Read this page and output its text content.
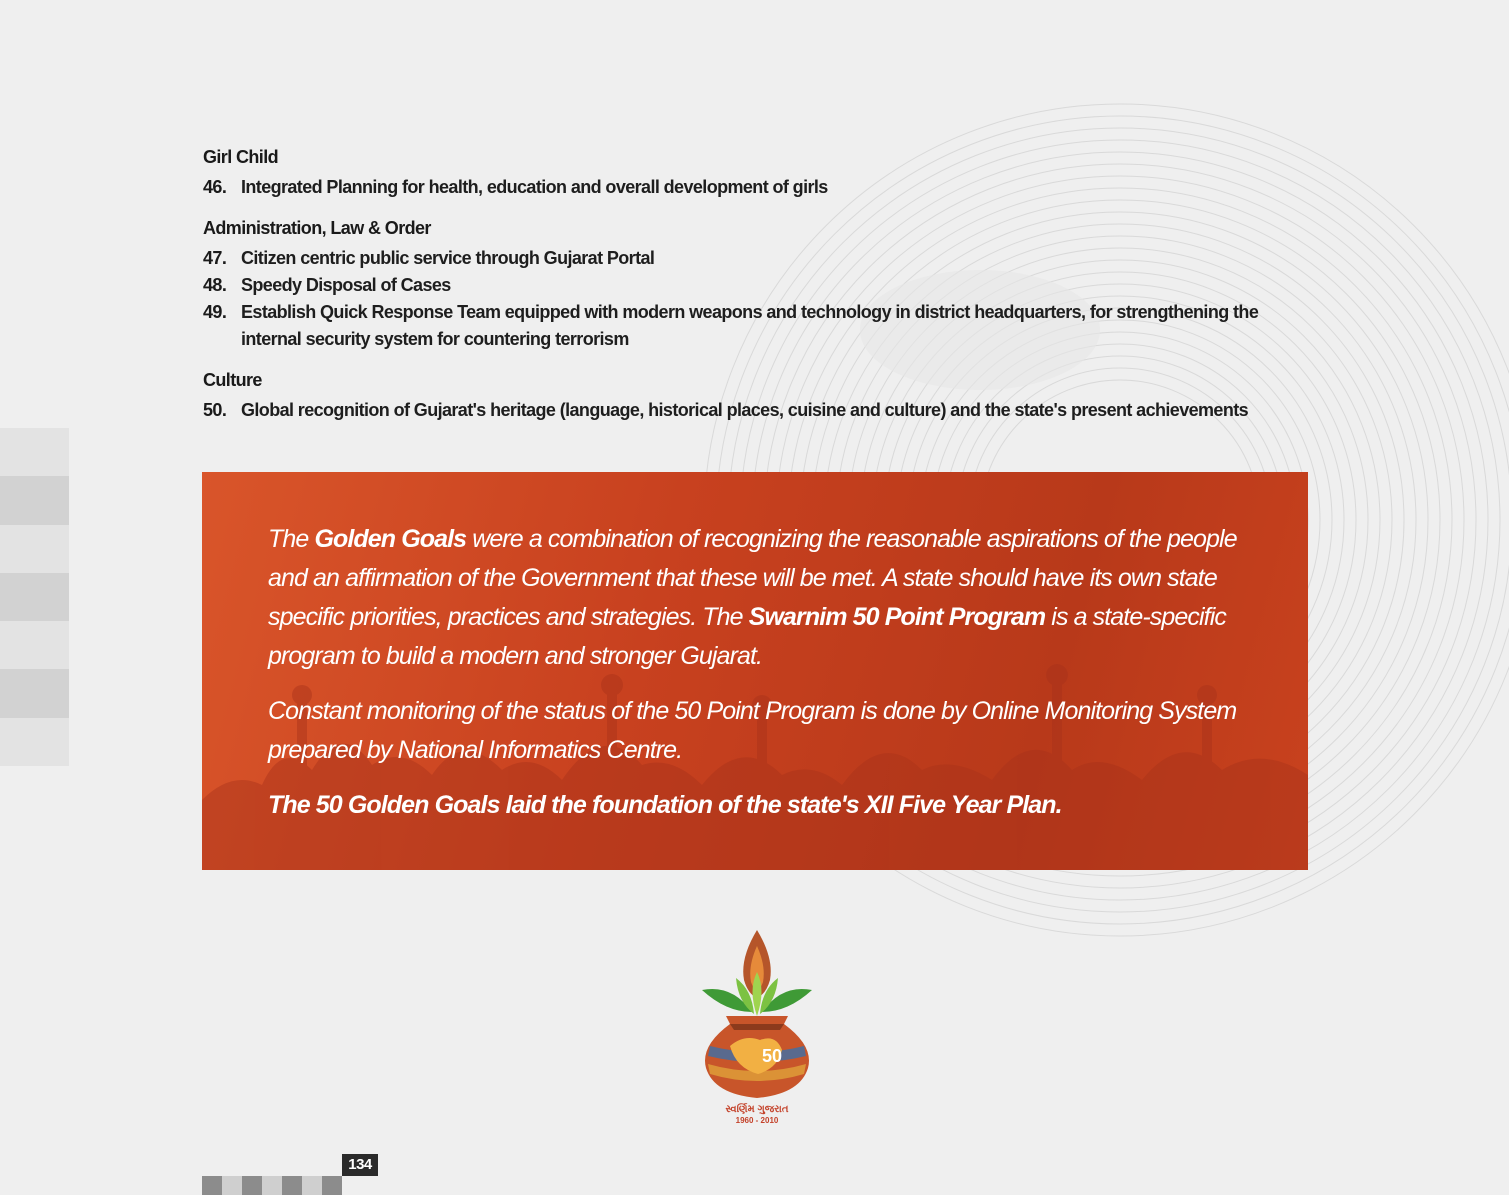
Girl Child
46. Integrated Planning for health, education and overall development of girls
Administration, Law & Order
47. Citizen centric public service through Gujarat Portal
48. Speedy Disposal of Cases
49. Establish Quick Response Team equipped with modern weapons and technology in district headquarters, for strengthening the internal security system for countering terrorism
Culture
50. Global recognition of Gujarat's heritage (language, historical places, cuisine and culture) and the state's present achievements

The Golden Goals were a combination of recognizing the reasonable aspirations of the people and an affirmation of the Government that these will be met. A state should have its own state specific priorities, practices and strategies. The Swarnim 50 Point Program is a state-specific program to build a modern and stronger Gujarat.

Constant monitoring of the status of the 50 Point Program is done by Online Monitoring System prepared by National Informatics Centre.

The 50 Golden Goals laid the foundation of the state's XII Five Year Plan.

50
સ્વર્ણિમ ગુજરાત
1960 - 2010
134
